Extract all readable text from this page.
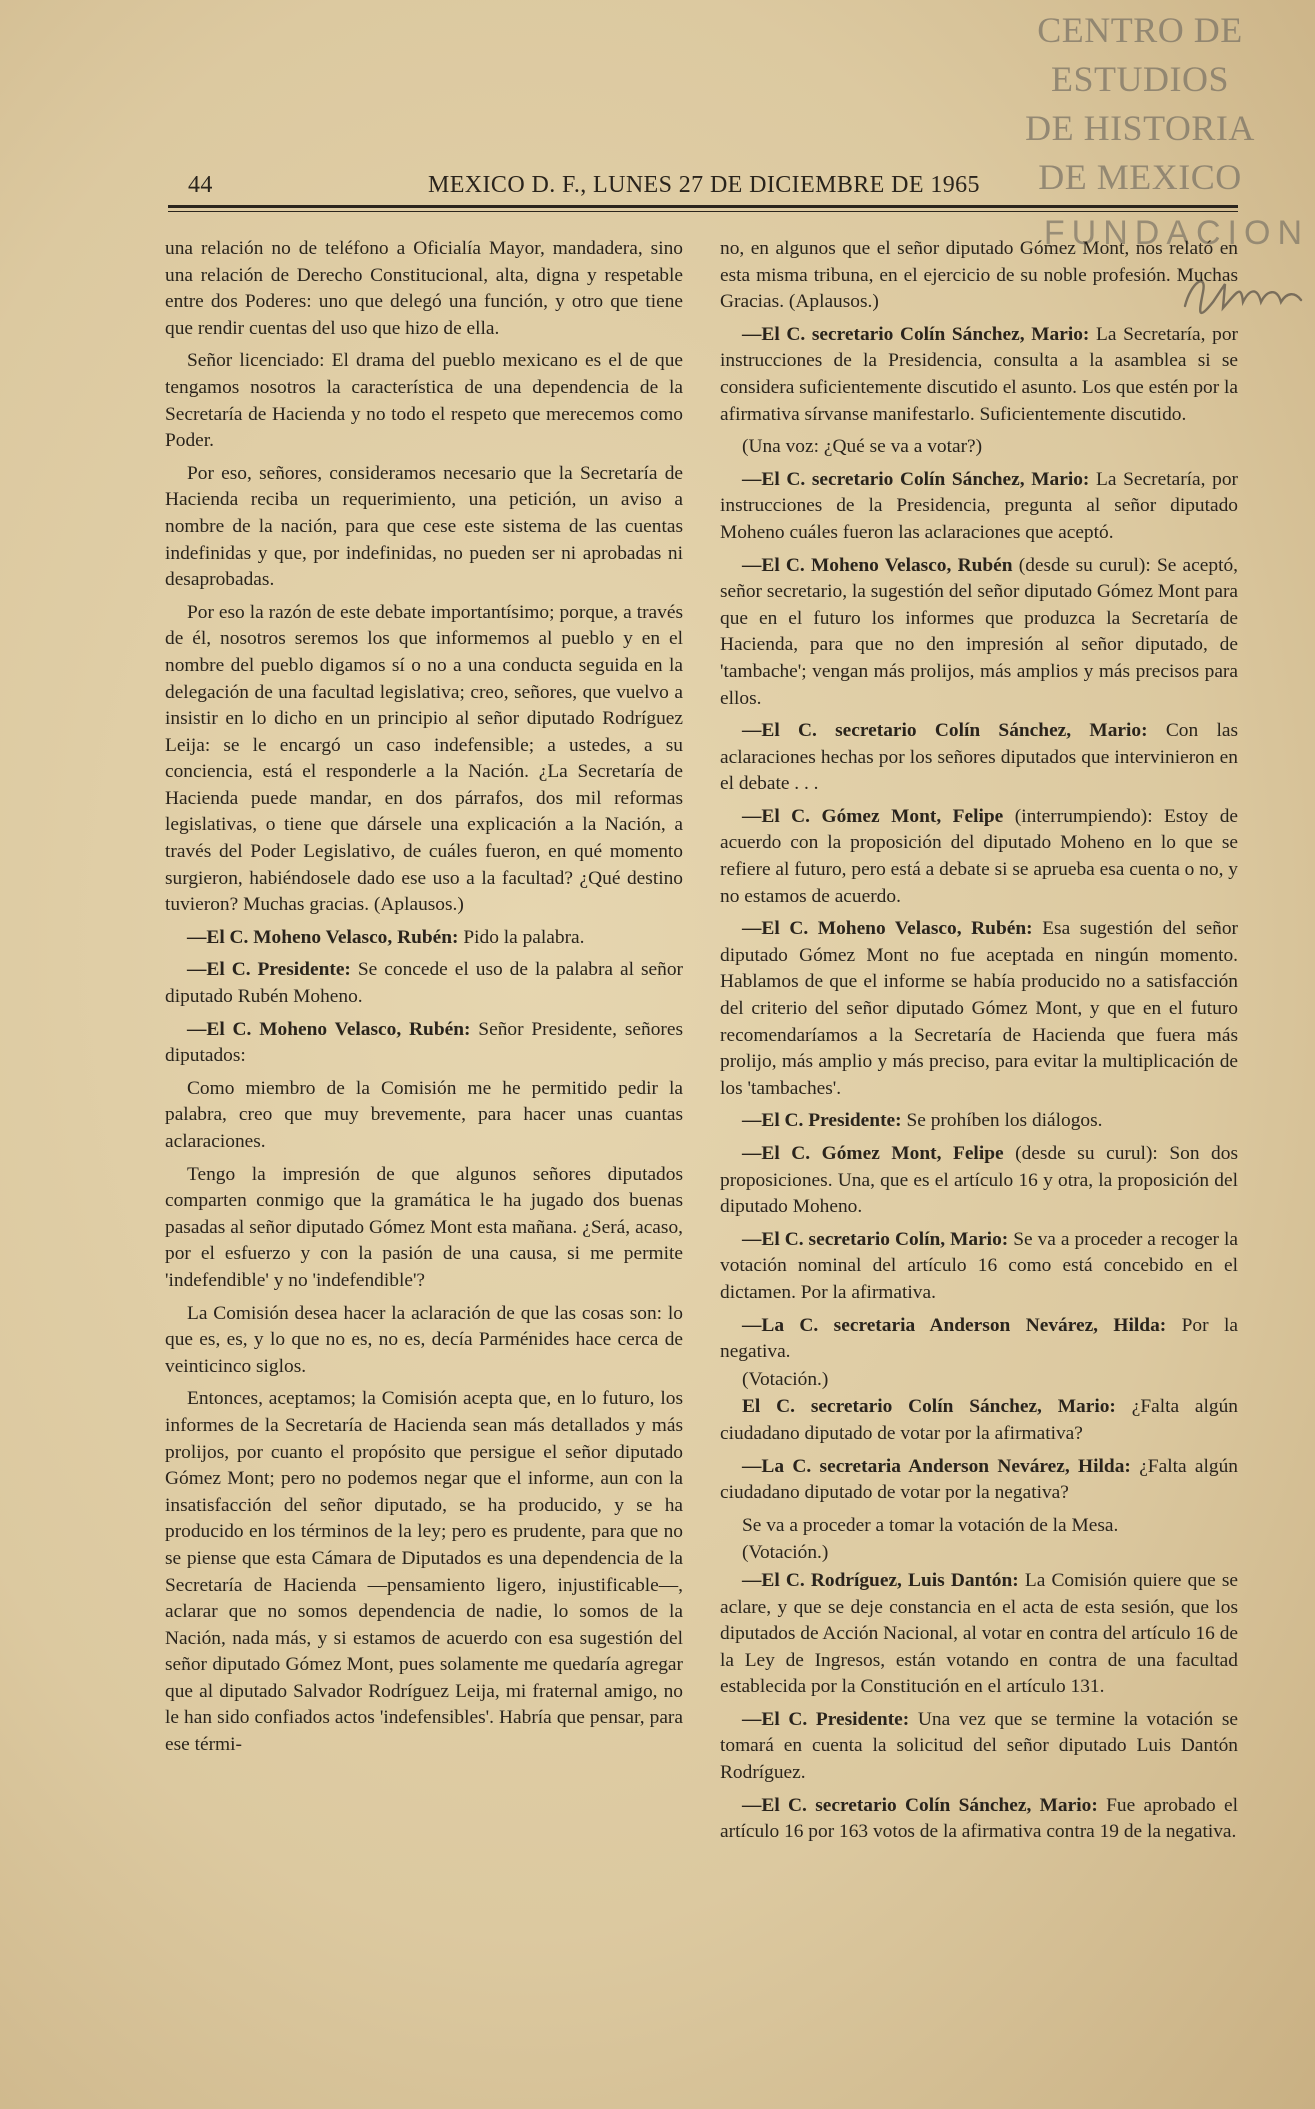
CENTRO DE
ESTUDIOS
DE HISTORIA
DE MEXICO
FUNDACION
44	MEXICO D. F., LUNES 27 DE DICIEMBRE DE 1965

una relación no de teléfono a Oficialía Mayor, mandadera, sino una relación de Derecho Constitucional, alta, digna y respetable entre dos Poderes: uno que delegó una función, y otro que tiene que rendir cuentas del uso que hizo de ella.

Señor licenciado: El drama del pueblo mexicano es el de que tengamos nosotros la característica de una dependencia de la Secretaría de Hacienda y no todo el respeto que merecemos como Poder.

Por eso, señores, consideramos necesario que la Secretaría de Hacienda reciba un requerimiento, una petición, un aviso a nombre de la nación, para que cese este sistema de las cuentas indefinidas y que, por indefinidas, no pueden ser ni aprobadas ni desaprobadas.

Por eso la razón de este debate importantísimo; porque, a través de él, nosotros seremos los que informemos al pueblo y en el nombre del pueblo digamos sí o no a una conducta seguida en la delegación de una facultad legislativa; creo, señores, que vuelvo a insistir en lo dicho en un principio al señor diputado Rodríguez Leija: se le encargó un caso indefensible; a ustedes, a su conciencia, está el responderle a la Nación. ¿La Secretaría de Hacienda puede mandar, en dos párrafos, dos mil reformas legislativas, o tiene que dársele una explicación a la Nación, a través del Poder Legislativo, de cuáles fueron, en qué momento surgieron, habiéndosele dado ese uso a la facultad? ¿Qué destino tuvieron? Muchas gracias. (Aplausos.)

—El C. Moheno Velasco, Rubén: Pido la palabra.

—El C. Presidente: Se concede el uso de la palabra al señor diputado Rubén Moheno.

—El C. Moheno Velasco, Rubén: Señor Presidente, señores diputados:

Como miembro de la Comisión me he permitido pedir la palabra, creo que muy brevemente, para hacer unas cuantas aclaraciones.

Tengo la impresión de que algunos señores diputados comparten conmigo que la gramática le ha jugado dos buenas pasadas al señor diputado Gómez Mont esta mañana. ¿Será, acaso, por el esfuerzo y con la pasión de una causa, si me permite 'indefendible' y no 'indefendible'?

La Comisión desea hacer la aclaración de que las cosas son: lo que es, es, y lo que no es, no es, decía Parménides hace cerca de veinticinco siglos.

Entonces, aceptamos; la Comisión acepta que, en lo futuro, los informes de la Secretaría de Hacienda sean más detallados y más prolijos, por cuanto el propósito que persigue el señor diputado Gómez Mont; pero no podemos negar que el informe, aun con la insatisfacción del señor diputado, se ha producido, y se ha producido en los términos de la ley; pero es prudente, para que no se piense que esta Cámara de Diputados es una dependencia de la Secretaría de Hacienda —pensamiento ligero, injustificable—, aclarar que no somos dependencia de nadie, lo somos de la Nación, nada más, y si estamos de acuerdo con esa sugestión del señor diputado Gómez Mont, pues solamente me quedaría agregar que al diputado Salvador Rodríguez Leija, mi fraternal amigo, no le han sido confiados actos 'indefensibles'. Habría que pensar, para ese térmi-

no, en algunos que el señor diputado Gómez Mont, nos relató en esta misma tribuna, en el ejercicio de su noble profesión. Muchas Gracias. (Aplausos.)

—El C. secretario Colín Sánchez, Mario: La Secretaría, por instrucciones de la Presidencia, consulta a la asamblea si se considera suficientemente discutido el asunto. Los que estén por la afirmativa sírvanse manifestarlo. Suficientemente discutido.

(Una voz: ¿Qué se va a votar?)

—El C. secretario Colín Sánchez, Mario: La Secretaría, por instrucciones de la Presidencia, pregunta al señor diputado Moheno cuáles fueron las aclaraciones que aceptó.

—El C. Moheno Velasco, Rubén (desde su curul): Se aceptó, señor secretario, la sugestión del señor diputado Gómez Mont para que en el futuro los informes que produzca la Secretaría de Hacienda, para que no den impresión al señor diputado, de 'tambache'; vengan más prolijos, más amplios y más precisos para ellos.

—El C. secretario Colín Sánchez, Mario: Con las aclaraciones hechas por los señores diputados que intervinieron en el debate . . .

—El C. Gómez Mont, Felipe (interrumpiendo): Estoy de acuerdo con la proposición del diputado Moheno en lo que se refiere al futuro, pero está a debate si se aprueba esa cuenta o no, y no estamos de acuerdo.

—El C. Moheno Velasco, Rubén: Esa sugestión del señor diputado Gómez Mont no fue aceptada en ningún momento. Hablamos de que el informe se había producido no a satisfacción del criterio del señor diputado Gómez Mont, y que en el futuro recomendaríamos a la Secretaría de Hacienda que fuera más prolijo, más amplio y más preciso, para evitar la multiplicación de los 'tambaches'.

—El C. Presidente: Se prohíben los diálogos.

—El C. Gómez Mont, Felipe (desde su curul): Son dos proposiciones. Una, que es el artículo 16 y otra, la proposición del diputado Moheno.

—El C. secretario Colín, Mario: Se va a proceder a recoger la votación nominal del artículo 16 como está concebido en el dictamen. Por la afirmativa.

—La C. secretaria Anderson Nevárez, Hilda: Por la negativa.

(Votación.)

El C. secretario Colín Sánchez, Mario: ¿Falta algún ciudadano diputado de votar por la afirmativa?

—La C. secretaria Anderson Nevárez, Hilda: ¿Falta algún ciudadano diputado de votar por la negativa?

Se va a proceder a tomar la votación de la Mesa.

(Votación.)

—El C. Rodríguez, Luis Dantón: La Comisión quiere que se aclare, y que se deje constancia en el acta de esta sesión, que los diputados de Acción Nacional, al votar en contra del artículo 16 de la Ley de Ingresos, están votando en contra de una facultad establecida por la Constitución en el artículo 131.

—El C. Presidente: Una vez que se termine la votación se tomará en cuenta la solicitud del señor diputado Luis Dantón Rodríguez.

—El C. secretario Colín Sánchez, Mario: Fue aprobado el artículo 16 por 163 votos de la afirmativa contra 19 de la negativa.
